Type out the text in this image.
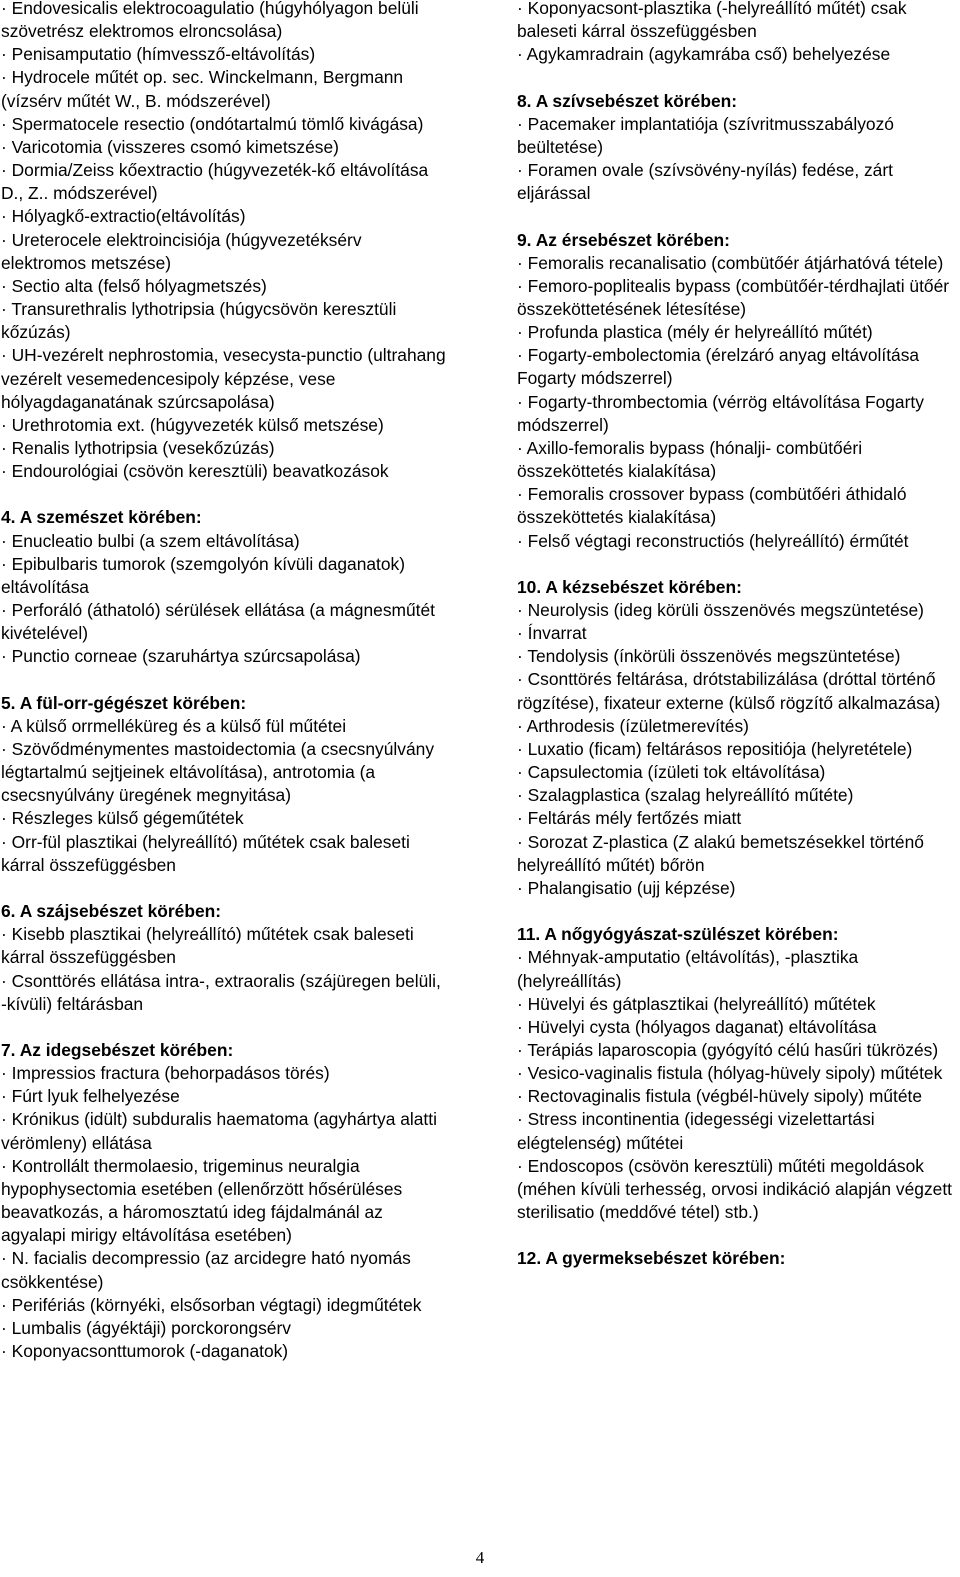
· Endovesicalis elektrocoagulatio (húgyhólyagon belüli szövetrész elektromos elroncsolása)
· Penisamputatio (hímvessző-eltávolítás)
· Hydrocele műtét op. sec. Winckelmann, Bergmann (vízsérv műtét W., B. módszerével)
· Spermatocele resectio (ondótartalmú tömlő kivágása)
· Varicotomia (visszeres csomó kimetszése)
· Dormia/Zeiss kőextractio (húgyvezeték-kő eltávolítása D., Z.. módszerével)
· Hólyagkő-extractio(eltávolítás)
· Ureterocele elektroincisiója (húgyvezetéksérv elektromos metszése)
· Sectio alta (felső hólyagmetszés)
· Transurethralis lythotripsia (húgycsövön keresztüli kőzúzás)
· UH-vezérelt nephrostomia, vesecysta-punctio (ultrahang vezérelt vesemedencesipoly képzése, vese hólyagdaganatának szúrcsapolása)
· Urethrotomia ext. (húgyvezeték külső metszése)
· Renalis lythotripsia (vesekőzúzás)
· Endourológiai (csövön keresztüli) beavatkozások
4. A szemészet körében:
· Enucleatio bulbi (a szem eltávolítása)
· Epibulbaris tumorok (szemgolyón kívüli daganatok) eltávolítása
· Perforáló (áthatoló) sérülések ellátása (a mágnesműtét kivételével)
· Punctio corneae (szaruhártya szúrcsapolása)
5. A fül-orr-gégészet körében:
· A külső orrmelléküreg és a külső fül műtétei
· Szövődménymentes mastoidectomia (a csecsnyúlvány légtartalmú sejtjeinek eltávolítása), antrotomia (a csecsnyúlvány üregének megnyitása)
· Részleges külső gégeműtétek
· Orr-fül plasztikai (helyreállító) műtétek csak baleseti kárral összefüggésben
6. A szájsebészet körében:
· Kisebb plasztikai (helyreállító) műtétek csak baleseti kárral összefüggésben
· Csonttörés ellátása intra-, extraoralis (szájüregen belüli, -kívüli) feltárásban
7. Az idegsebészet körében:
· Impressios fractura (behorpadásos törés)
· Fúrt lyuk felhelyezése
· Krónikus (idült) subduralis haematoma (agyhártya alatti vérömleny) ellátása
· Kontrollált thermolaesio, trigeminus neuralgia hypophysectomia esetében (ellenőrzött hősérüléses beavatkozás, a háromosztatú ideg fájdalmánál az agyalapi mirigy eltávolítása esetében)
· N. facialis decompressio (az arcidegre ható nyomás csökkentése)
· Perifériás (környéki, elsősorban végtagi) idegműtétek
· Lumbalis (ágyéktáji) porckorongsérv
· Koponyacsonttumorok (-daganatok)
· Koponyacsont-plasztika (-helyreállító műtét) csak baleseti kárral összefüggésben
· Agykamradrain (agykamrába cső) behelyezése
8. A szívsebészet körében:
· Pacemaker implantatiója (szívritmusszabályozó beültetése)
· Foramen ovale (szívsövény-nyílás) fedése, zárt eljárással
9. Az érsebészet körében:
· Femoralis recanalisatio (combütőér átjárhatóvá tétele)
· Femoro-poplitealis bypass (combütőér-térdhajlati ütőér összeköttetésének létesítése)
· Profunda plastica (mély ér helyreállító műtét)
· Fogarty-embolectomia (érelzáró anyag eltávolítása Fogarty módszerrel)
· Fogarty-thrombectomia (vérrög eltávolítása Fogarty módszerrel)
· Axillo-femoralis bypass (hónalji- combütőéri összeköttetés kialakítása)
· Femoralis crossover bypass (combütőéri áthidaló összeköttetés kialakítása)
· Felső végtagi reconstructiós (helyreállító) érműtét
10. A kézsebészet körében:
· Neurolysis (ideg körüli összenövés megszüntetése)
· Ínvarrat
· Tendolysis (ínkörüli összenövés megszüntetése)
· Csonttörés feltárása, drótstabilizálása (dróttal történő rögzítése), fixateur externe (külső rögzítő alkalmazása)
· Arthrodesis (ízületmerevítés)
· Luxatio (ficam) feltárásos repositiója (helyretétele)
· Capsulectomia (ízületi tok eltávolítása)
· Szalagplastica (szalag helyreállító műtéte)
· Feltárás mély fertőzés miatt
· Sorozat Z-plastica (Z alakú bemetszésekkel történő helyreállító műtét) bőrön
· Phalangisatio (ujj képzése)
11. A nőgyógyászat-szülészet körében:
· Méhnyak-amputatio (eltávolítás), -plasztika (helyreállítás)
· Hüvelyi és gátplasztikai (helyreállító) műtétek
· Hüvelyi cysta (hólyagos daganat) eltávolítása
· Terápiás laparoscopia (gyógyító célú hasűri tükrözés)
· Vesico-vaginalis fistula (hólyag-hüvely sipoly) műtétek
· Rectovaginalis fistula (végbél-hüvely sipoly) műtéte
· Stress incontinentia (idegességi vizelettartási elégtelenség) műtétei
· Endoscopos (csövön keresztüli) műtéti megoldások (méhen kívüli terhesség, orvosi indikáció alapján végzett sterilisatio (meddővé tétel) stb.)
12. A gyermeksebészet körében:
4
